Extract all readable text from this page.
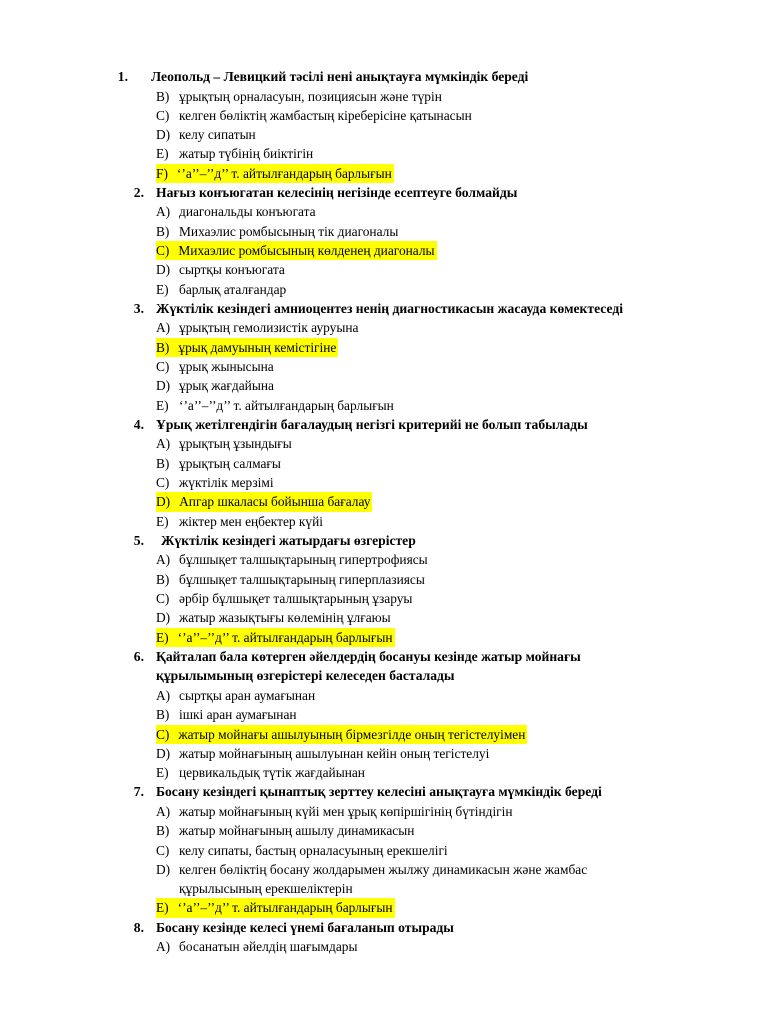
1. Леопольд – Левицкий тәсілі нені анықтауға мүмкіндік береді
B) ұрықтың орналасуын, позициясын және түрін
C) келген бөліктің жамбастың кіреберісіне қатынасын
D) келу сипатын
E) жатыр түбінің биіктігін
F) ‘’а’’–’’д’’ т. айтылғандарың барлығын
2. Нағыз конъюгатан келесінің негізінде есептеуге болмайды
A) диагональды конъюгата
B) Михаэлис ромбысының тік диагоналы
C) Михаэлис ромбысының көлденең диагоналы
D) сыртқы конъюгата
E) барлық аталғандар
3. Жүктілік кезіндегі амниоцентез ненің диагностикасын жасауда көмектеседі
A) ұрықтың гемолизистік ауруына
B) ұрық дамуының кемістігіне
C) ұрық жынысына
D) ұрық жағдайына
E) ‘’а’’–’’д’’ т. айтылғандарың барлығын
4. Ұрық жетілгендігін бағалаудың негізгі критерийі не болып табылады
A) ұрықтың ұзындығы
B) ұрықтың салмағы
C) жүктілік мерзімі
D) Апгар шкаласы бойынша бағалау
E) жіктер мен еңбектер күйі
5. Жүктілік кезіндегі жатырдағы өзгерістер
A) бұлшықет талшықтарының гипертрофиясы
B) бұлшықет талшықтарының гиперплазиясы
C) әрбір бұлшықет талшықтарының ұзаруы
D) жатыр жазықтығы көлемінің ұлғаюы
E) ‘’а’’–’’д’’ т. айтылғандарың барлығын
6. Қайталап бала көтерген әйелдердің босануы кезінде жатыр мойнағы
құрылымының өзгерістері келеседен басталады
A) сыртқы аран аумағынан
B) ішкі аран аумағынан
C) жатыр мойнағы ашылуының бірмезгілде оның тегістелуімен
D) жатыр мойнағының ашылуынан кейін оның тегістелуі
E) цервикальдық түтік жағдайынан
7. Босану кезіндегі қынаптық зерттеу келесіні анықтауға мүмкіндік береді
A) жатыр мойнағының күйі мен ұрық көпіршігінің бүтіндігін
B) жатыр мойнағының ашылу динамикасын
C) келу сипаты, бастың орналасуының ерекшелігі
D) келген бөліктің босану жолдарымен жылжу динамикасын және жамбас
құрылысының ерекшеліктерін
E) ‘’а’’–’’д’’ т. айтылғандарың барлығын
8. Босану кезінде келесі үнемі бағаланып отырады
A) босанатын әйелдің шағымдары
